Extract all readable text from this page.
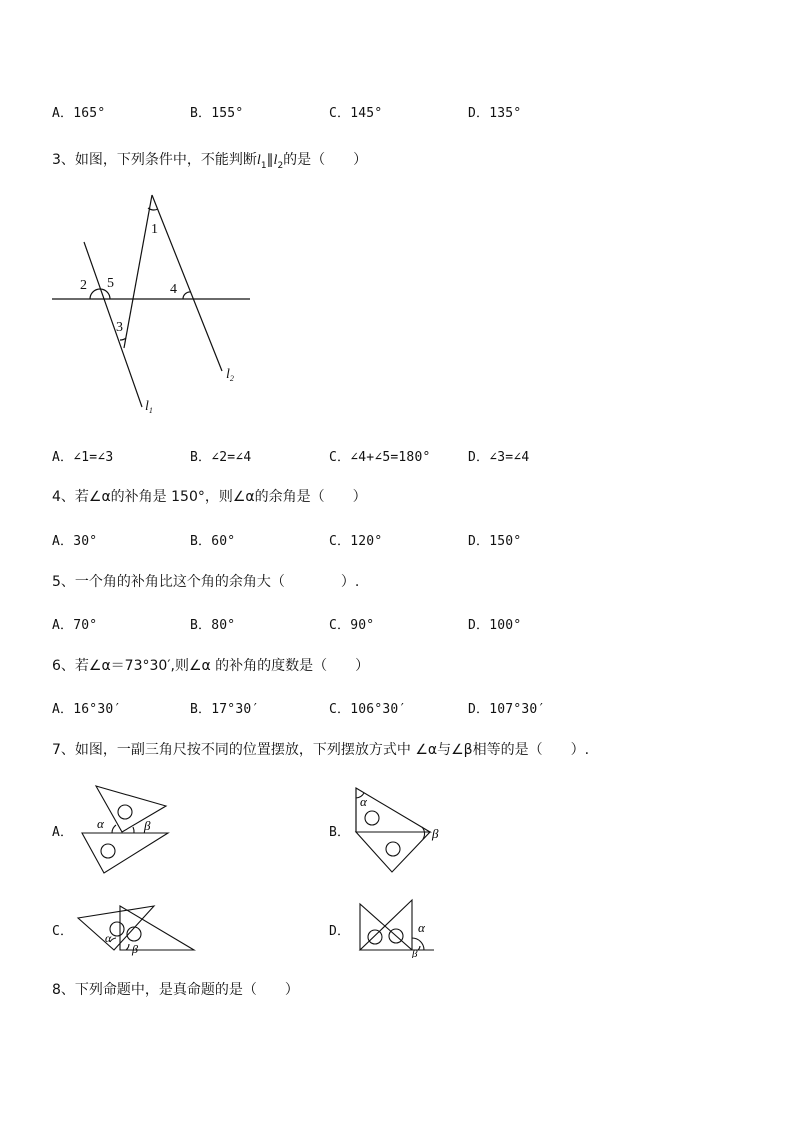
A．165°	B．155°	C．145°	D．135°
3、如图，下列条件中，不能判断$l_1\parallel l_2$的是（　　）
1
2
3
4
5
$l_2$
$l_1$
A．∠1=∠3	B．∠2=∠4	C．∠4+∠5=180°	D．∠3=∠4
4、若∠α的补角是 150°，则∠α的余角是（　　）
A．30°	B．60°	C．120°	D．150°
5、一个角的补角比这个角的余角大（　　　　）.
A．70°	B．80°	C．90°	D．100°
6、若∠α＝73°30′,则∠α 的补角的度数是（　　）
A．16°30′	B．17°30′	C．106°30′	D．107°30′
7、如图，一副三角尺按不同的位置摆放，下列摆放方式中 ∠α与∠β相等的是（　　）.
A．
α	β	B．
α
β
C．	α
β
D．	α
β
8、下列命题中，是真命题的是（　　）
